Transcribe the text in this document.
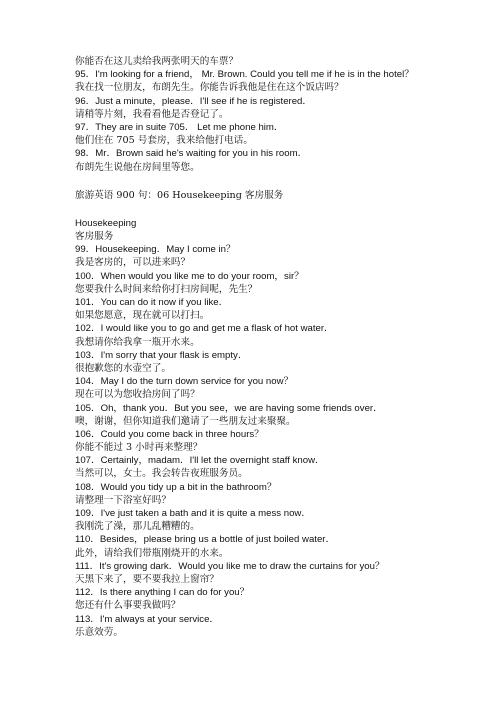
你能否在这儿卖给我两张明天的车票？
95．I'm looking for a friend， Mr. Brown. Could you tell me if he is in the hotel？
我在找一位朋友，布朗先生。你能告诉我他是住在这个饭店吗？
96．Just a minute，please．I'll see if he is registered．
请稍等片刻，我看看他是否登记了。
97．They are in suite 705． Let me phone him．
他们住在 705 号套房，我来给他打电话。
98．Mr．Brown said he's waiting for you in his room．
布朗先生说他在房间里等您。
旅游英语 900 句：06 Housekeeping 客房服务
Housekeeping
客房服务
99．Housekeeping．May I come in？
我是客房的，可以进来吗？
100．When would you like me to do your room，sir？
您要我什么时间来给你打扫房间呢，先生？
101．You can do it now if you like．
如果您愿意，现在就可以打扫。
102．I would like you to go and get me a flask of hot water．
我想请你给我拿一瓶开水来。
103．I'm sorry that your flask is empty．
很抱歉您的水壶空了。
104．May I do the turn down service for you now？
现在可以为您收拾房间了吗？
105．Oh，thank you．But you see，we are having some friends over．
噢，谢谢，但你知道我们邀请了一些朋友过来聚聚。
106．Could you come back in three hours？
你能不能过 3 小时再来整理？
107．Certainly，madam．I'll let the overnight staff know．
当然可以，女士。我会转告夜班服务员。
108．Would you tidy up a bit in the bathroom？
请整理一下浴室好吗？
109．I've just taken a bath and it is quite a mess now．
我刚洗了澡，那儿乱糟糟的。
110．Besides，please bring us a bottle of just boiled water．
此外，请给我们带瓶刚烧开的水来。
111．It's growing dark．Would you like me to draw the curtains for you？
天黑下来了，要不要我拉上窗帘？
112．Is there anything I can do for you？
您还有什么事要我做吗？
113．I'm always at your service．
乐意效劳。
